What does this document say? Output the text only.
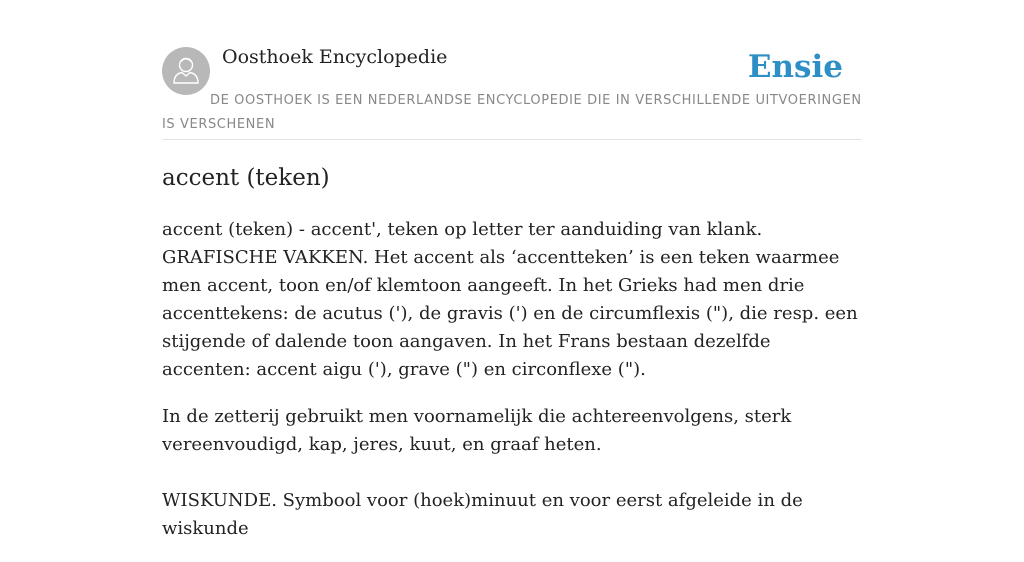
Oosthoek Encyclopedie	Ensie

DE OOSTHOEK IS EEN NEDERLANDSE ENCYCLOPEDIE DIE IN VERSCHILLENDE UITVOERINGEN IS VERSCHENEN

accent (teken)

accent (teken) - accent', teken op letter ter aanduiding van klank. GRAFISCHE VAKKEN. Het accent als ‘accentteken’ is een teken waarmee men accent, toon en/of klemtoon aangeeft. In het Grieks had men drie accenttekens: de acutus ('), de gravis (') en de circumflexis ("), die resp. een stijgende of dalende toon aangaven. In het Frans bestaan dezelfde accenten: accent aigu ('), grave (") en circonflexe (").

In de zetterij gebruikt men voornamelijk die achtereenvolgens, sterk vereenvoudigd, kap, jeres, kuut, en graaf heten.

WISKUNDE. Symbool voor (hoek)minuut en voor eerst afgeleide in de wiskunde
